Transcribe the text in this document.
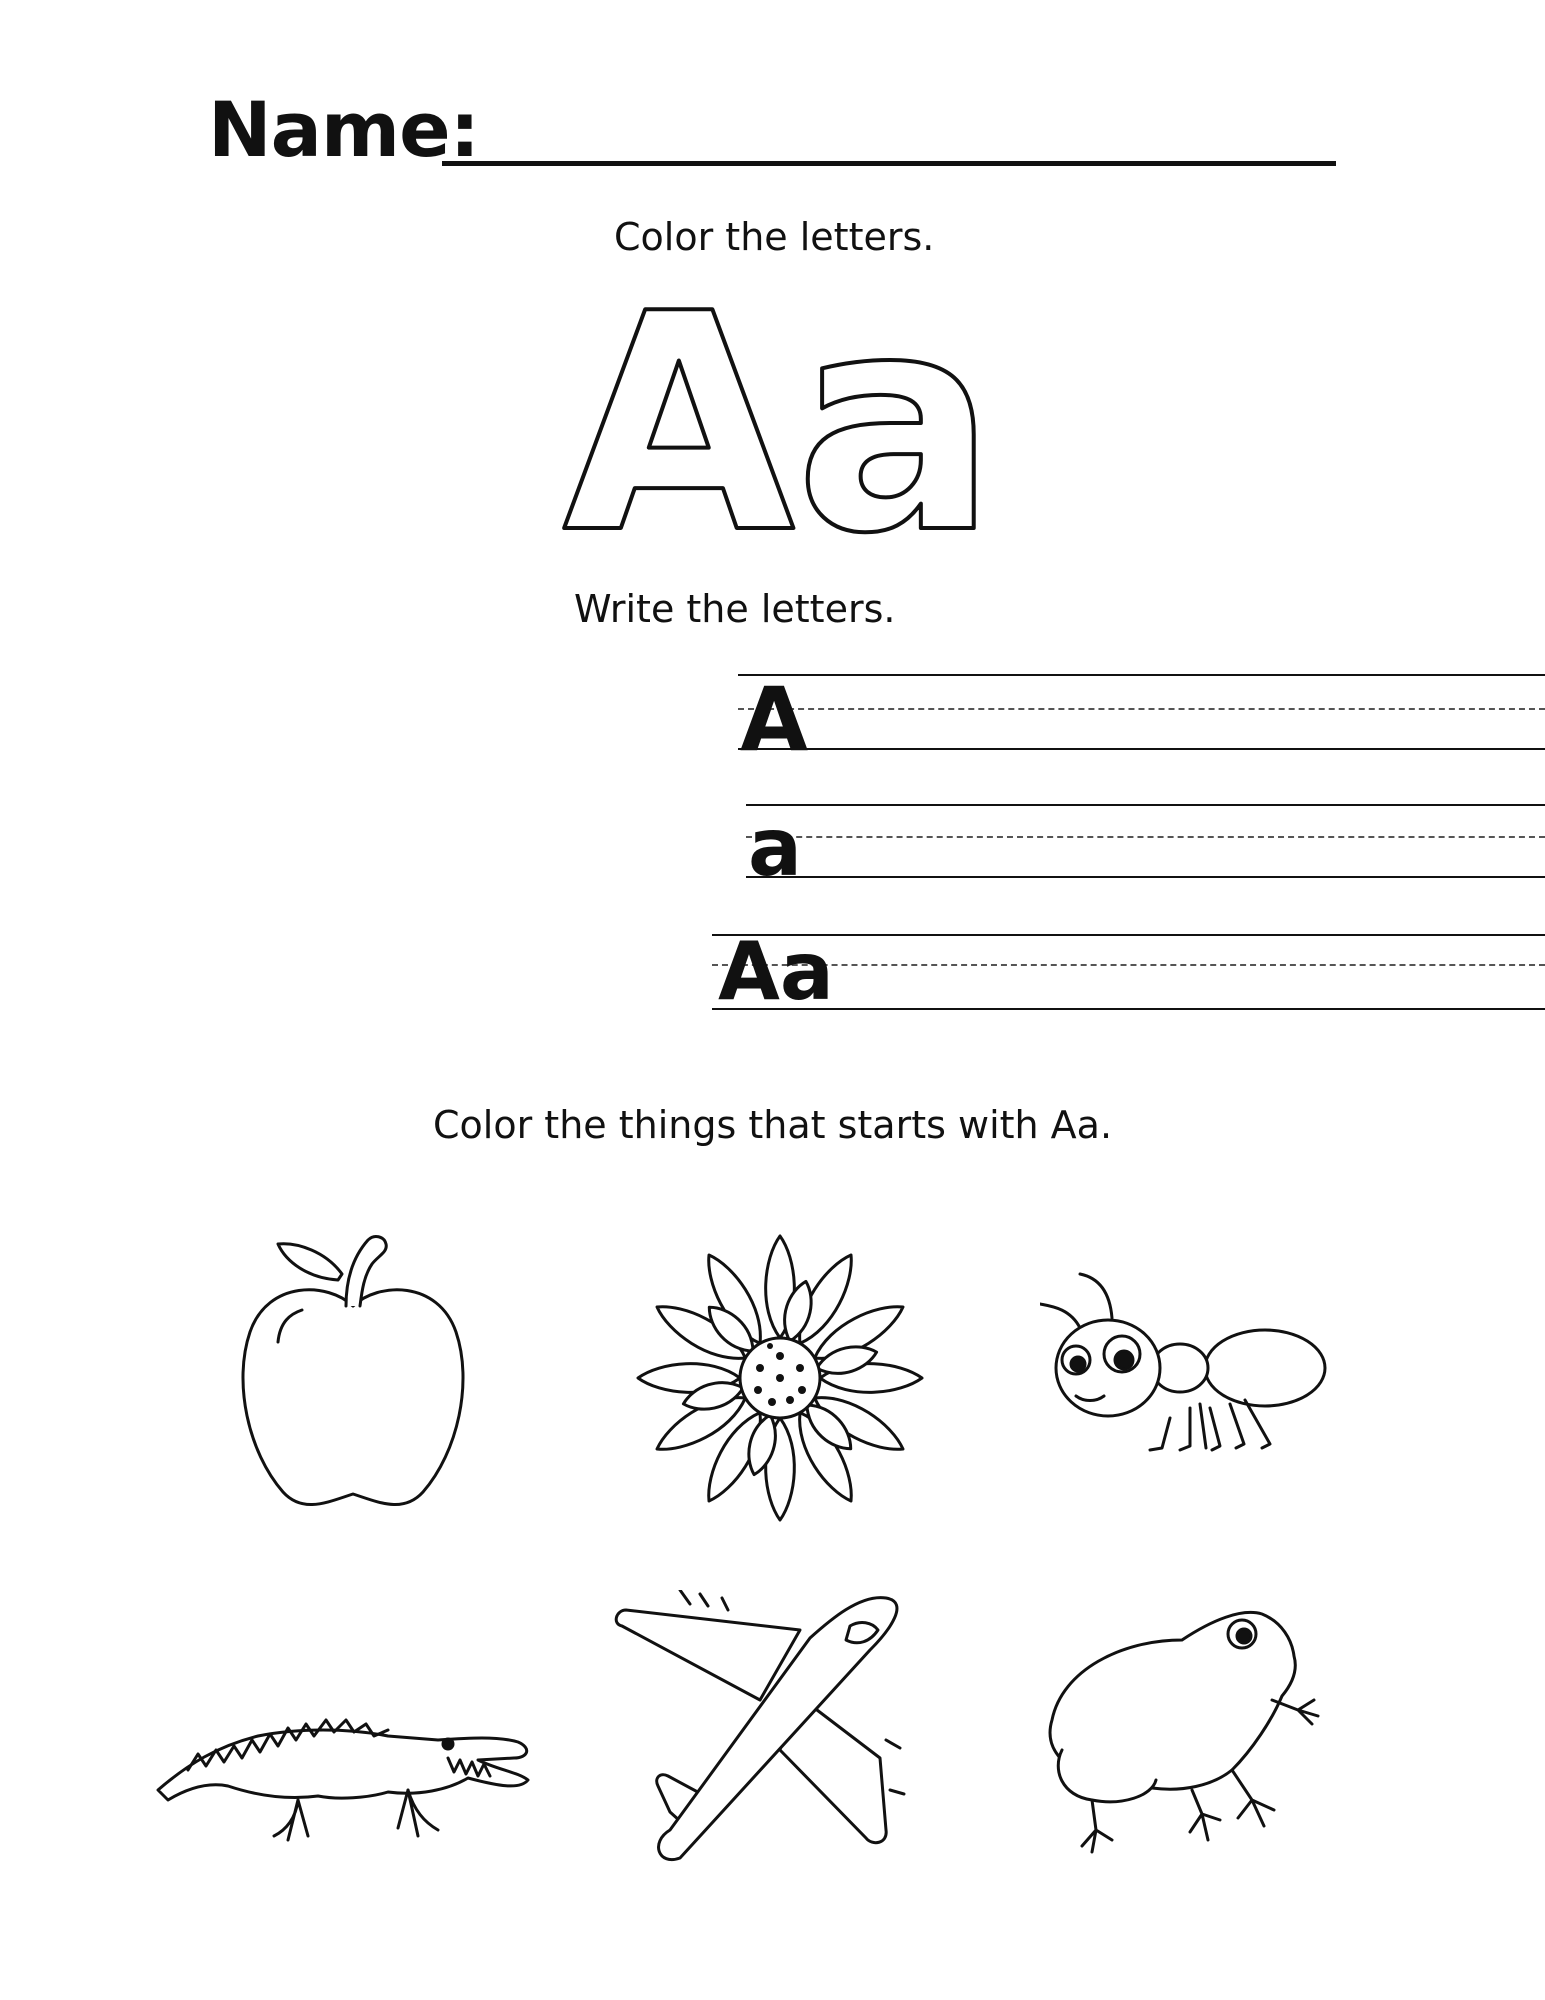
Name:
Color the letters.
Aa
Write the letters.
A
a
Aa
Color the things that starts with Aa.
